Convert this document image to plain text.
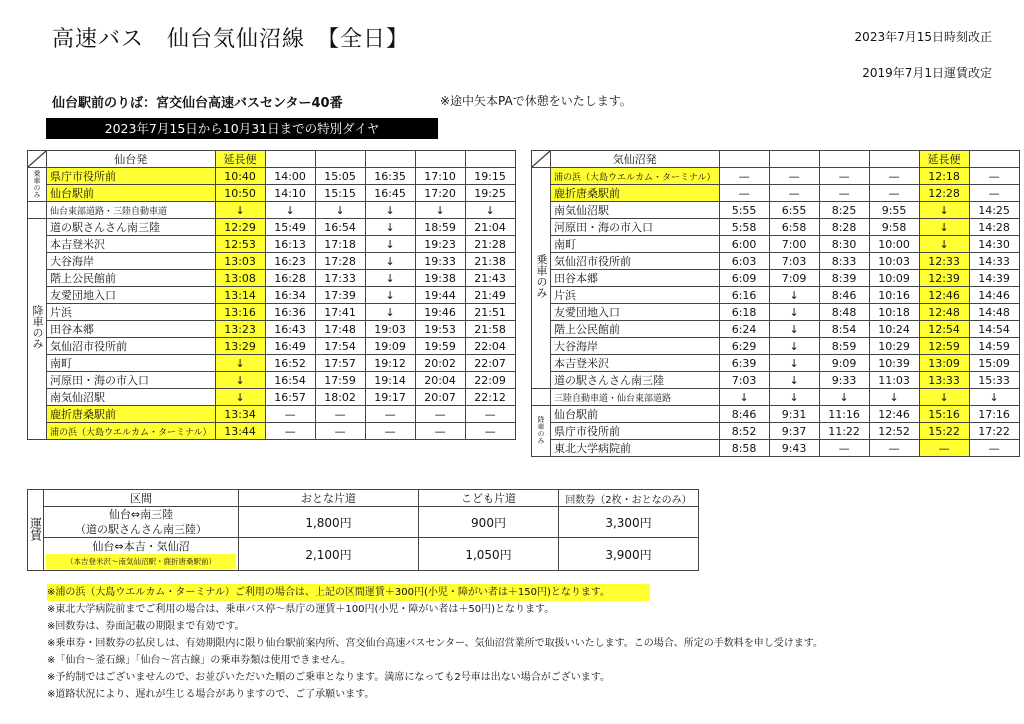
高速バス　仙台気仙沼線　【全日】	2023年7月15日時刻改正
2019年7月1日運賃改定
仙台駅前のりば：宮交仙台高速バスセンター40番	※途中矢本PAで休憩をいたします。
2023年7月15日から10月31日までの特別ダイヤ
	仙台発	延長便					
乗車のみ	県庁市役所前	10:40	14:00	15:05	16:35	17:10	19:15
	仙台駅前	10:50	14:10	15:15	16:45	17:20	19:25
	仙台東部道路・三陸自動車道	↓	↓	↓	↓	↓	↓
降車のみ	道の駅さんさん南三陸	12:29	15:49	16:54	↓	18:59	21:04
	本吉登米沢	12:53	16:13	17:18	↓	19:23	21:28
	大谷海岸	13:03	16:23	17:28	↓	19:33	21:38
	階上公民館前	13:08	16:28	17:33	↓	19:38	21:43
	友愛団地入口	13:14	16:34	17:39	↓	19:44	21:49
	片浜	13:16	16:36	17:41	↓	19:46	21:51
	田谷本郷	13:23	16:43	17:48	19:03	19:53	21:58
	気仙沼市役所前	13:29	16:49	17:54	19:09	19:59	22:04
	南町	↓	16:52	17:57	19:12	20:02	22:07
	河原田・海の市入口	↓	16:54	17:59	19:14	20:04	22:09
	南気仙沼駅	↓	16:57	18:02	19:17	20:07	22:12
	鹿折唐桑駅前	13:34	—	—	—	—	—
	浦の浜（大島ウエルカム・ターミナル）	13:44	—	—	—	—	—
	気仙沼発					延長便	
乗車のみ	浦の浜（大島ウエルカム・ターミナル）	—	—	—	—	12:18	—
	鹿折唐桑駅前	—	—	—	—	12:28	—
	南気仙沼駅	5:55	6:55	8:25	9:55	↓	14:25
	河原田・海の市入口	5:58	6:58	8:28	9:58	↓	14:28
	南町	6:00	7:00	8:30	10:00	↓	14:30
	気仙沼市役所前	6:03	7:03	8:33	10:03	12:33	14:33
	田谷本郷	6:09	7:09	8:39	10:09	12:39	14:39
	片浜	6:16	↓	8:46	10:16	12:46	14:46
	友愛団地入口	6:18	↓	8:48	10:18	12:48	14:48
	階上公民館前	6:24	↓	8:54	10:24	12:54	14:54
	大谷海岸	6:29	↓	8:59	10:29	12:59	14:59
	本吉登米沢	6:39	↓	9:09	10:39	13:09	15:09
	道の駅さんさん南三陸	7:03	↓	9:33	11:03	13:33	15:33
	三陸自動車道・仙台東部道路	↓	↓	↓	↓	↓	↓
降車のみ	仙台駅前	8:46	9:31	11:16	12:46	15:16	17:16
	県庁市役所前	8:52	9:37	11:22	12:52	15:22	17:22
	東北大学病院前	8:58	9:43	—	—	—	—
運賃	区間	おとな片道	こども片道	回数券（2枚・おとなのみ）

	仙台⇔南三陸
（道の駅さんさん南三陸）	1,800円	900円	3,300円

	仙台⇔本吉・気仙沼
（本吉登米沢～南気仙沼駅・鹿折唐桑駅前）	2,100円	1,050円	3,900円
※浦の浜（大島ウエルカム・ターミナル）ご利用の場合は、上記の区間運賃＋300円(小児・障がい者は＋150円)となります。
※東北大学病院前までご利用の場合は、乗車バス停～県庁の運賃＋100円(小児・障がい者は＋50円)となります。
※回数券は、券面記載の期限まで有効です。
※乗車券・回数券の払戻しは、有効期限内に限り仙台駅前案内所、宮交仙台高速バスセンター、気仙沼営業所で取扱いいたします。この場合、所定の手数料を申し受けます。
※「仙台～釜石線」「仙台～宮古線」の乗車券類は使用できません。
※予約制ではございませんので、お並びいただいた順のご乗車となります。満席になっても2号車は出ない場合がございます。
※道路状況により、遅れが生じる場合がありますので、ご了承願います。
